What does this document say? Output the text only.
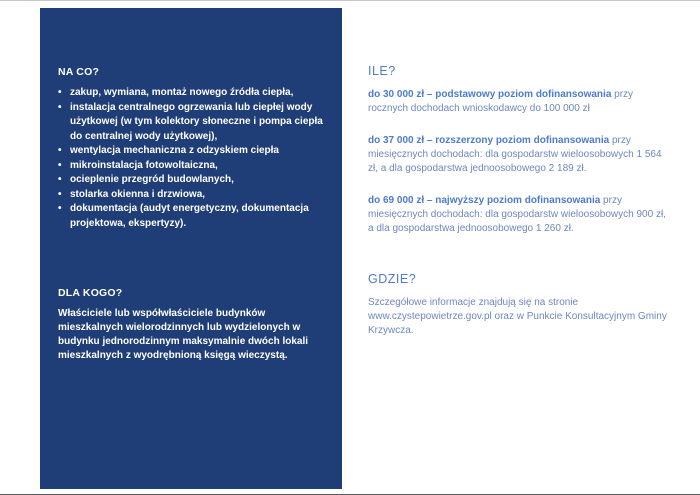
NA CO?
• zakup, wymiana, montaż nowego źródła ciepła,
• instalacja centralnego ogrzewania lub ciepłej wody użytkowej (w tym kolektory słoneczne i pompa ciepła do centralnej wody użytkowej),
• wentylacja mechaniczna z odzyskiem ciepła
• mikroinstalacja fotowoltaiczna,
• ocieplenie przegród budowlanych,
• stolarka okienna i drzwiowa,
• dokumentacja (audyt energetyczny, dokumentacja projektowa, ekspertyzy).
DLA KOGO?

Właściciele lub współwłaściciele budynków mieszkalnych wielorodzinnych lub wydzielonych w budynku jednorodzinnym maksymalnie dwóch lokali mieszkalnych z wyodrębnioną księgą wieczystą.

ILE?

do 30 000 zł – podstawowy poziom dofinansowania przy rocznych dochodach wnioskodawcy do 100 000 zł

do 37 000 zł – rozszerzony poziom dofinansowania przy miesięcznych dochodach: dla gospodarstw wieloosobowych 1 564 zł, a dla gospodarstwa jednoosobowego 2 189 zł.

do 69 000 zł – najwyższy poziom dofinansowania przy miesięcznych dochodach: dla gospodarstw wieloosobowych 900 zł, a dla gospodarstwa jednoosobowego 1 260 zł.

GDZIE?

Szczegółowe informacje znajdują się na stronie www.czystepowietrze.gov.pl oraz w Punkcie Konsultacyjnym Gminy Krzywcza.
